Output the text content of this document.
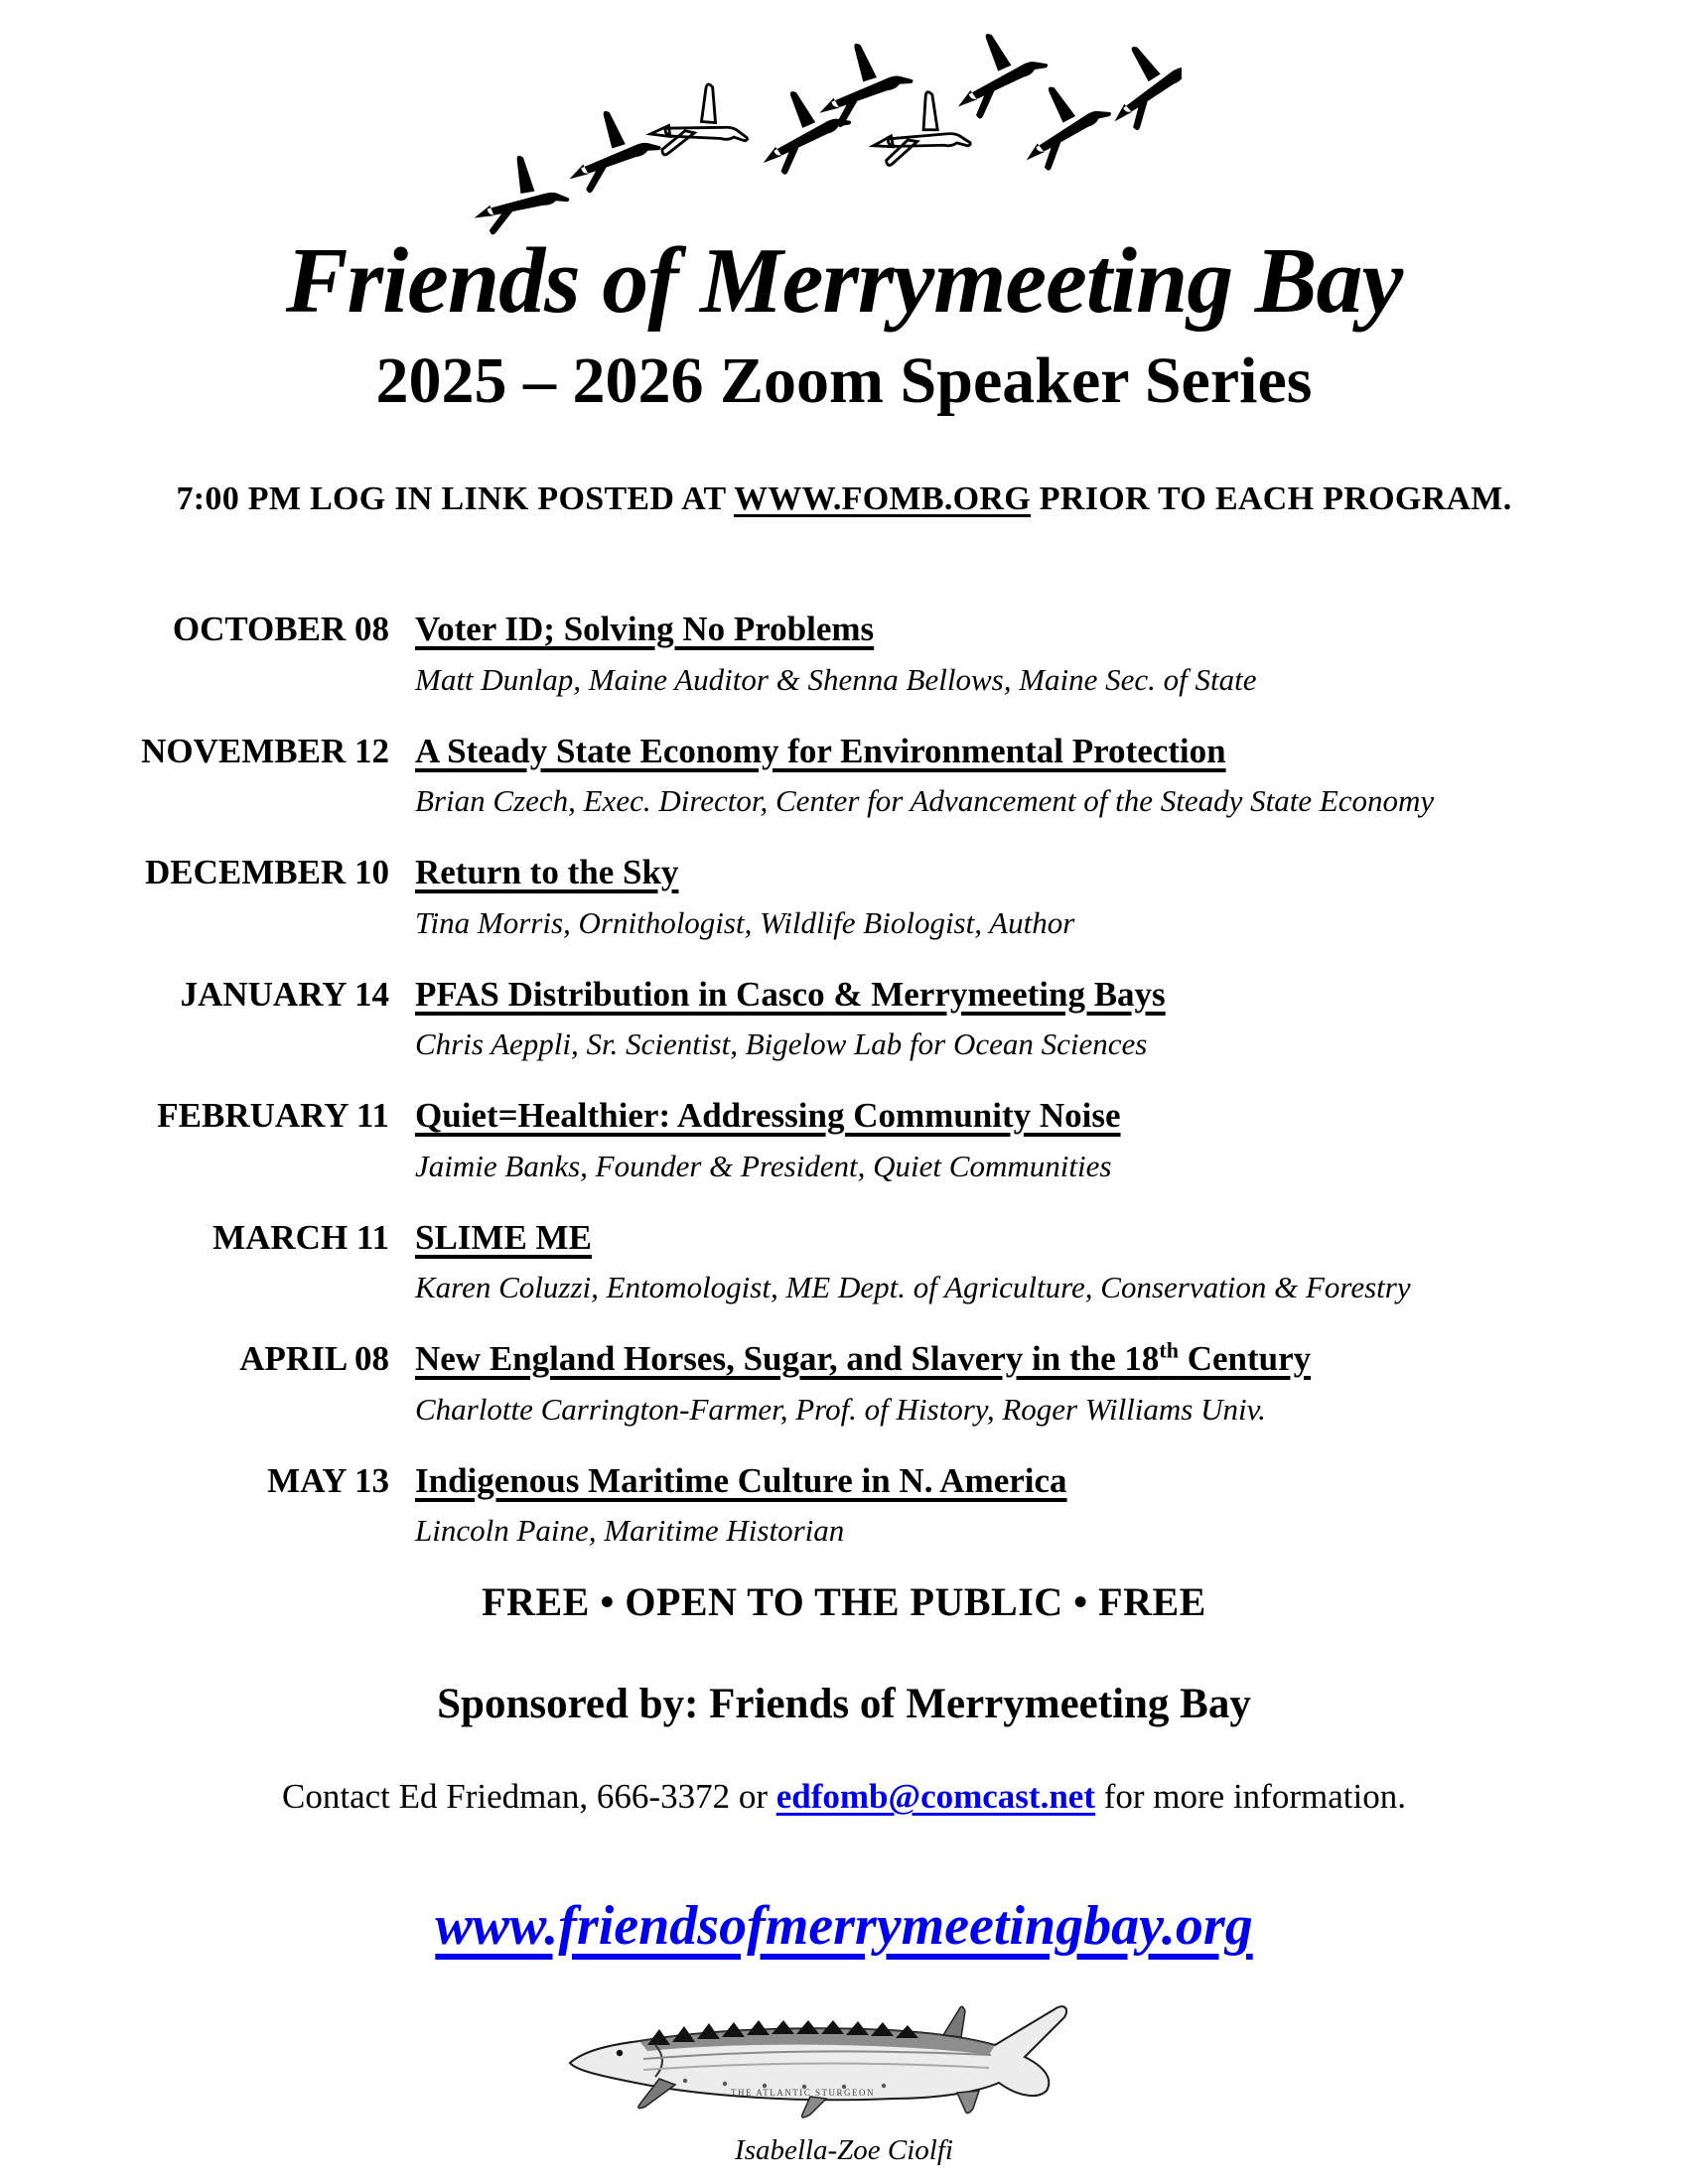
Friends of Merrymeeting Bay
2025 – 2026 Zoom Speaker Series
7:00 PM LOG IN LINK POSTED AT WWW.FOMB.ORG PRIOR TO EACH PROGRAM.
OCTOBER 08 Voter ID; Solving No Problems
Matt Dunlap, Maine Auditor & Shenna Bellows, Maine Sec. of State
NOVEMBER 12 A Steady State Economy for Environmental Protection
Brian Czech, Exec. Director, Center for Advancement of the Steady State Economy
DECEMBER 10 Return to the Sky
Tina Morris, Ornithologist, Wildlife Biologist, Author
JANUARY 14 PFAS Distribution in Casco & Merrymeeting Bays
Chris Aeppli, Sr. Scientist, Bigelow Lab for Ocean Sciences
FEBRUARY 11 Quiet=Healthier: Addressing Community Noise
Jaimie Banks, Founder & President, Quiet Communities
MARCH 11 SLIME ME
Karen Coluzzi, Entomologist, ME Dept. of Agriculture, Conservation & Forestry
APRIL 08 New England Horses, Sugar, and Slavery in the 18th Century
Charlotte Carrington-Farmer, Prof. of History, Roger Williams Univ.
MAY 13 Indigenous Maritime Culture in N. America
Lincoln Paine, Maritime Historian
FREE • OPEN TO THE PUBLIC • FREE
Sponsored by: Friends of Merrymeeting Bay
Contact Ed Friedman, 666-3372 or edfomb@comcast.net for more information.
www.friendsofmerrymeetingbay.org
THE ATLANTIC STURGEON
Isabella-Zoe Ciolfi
